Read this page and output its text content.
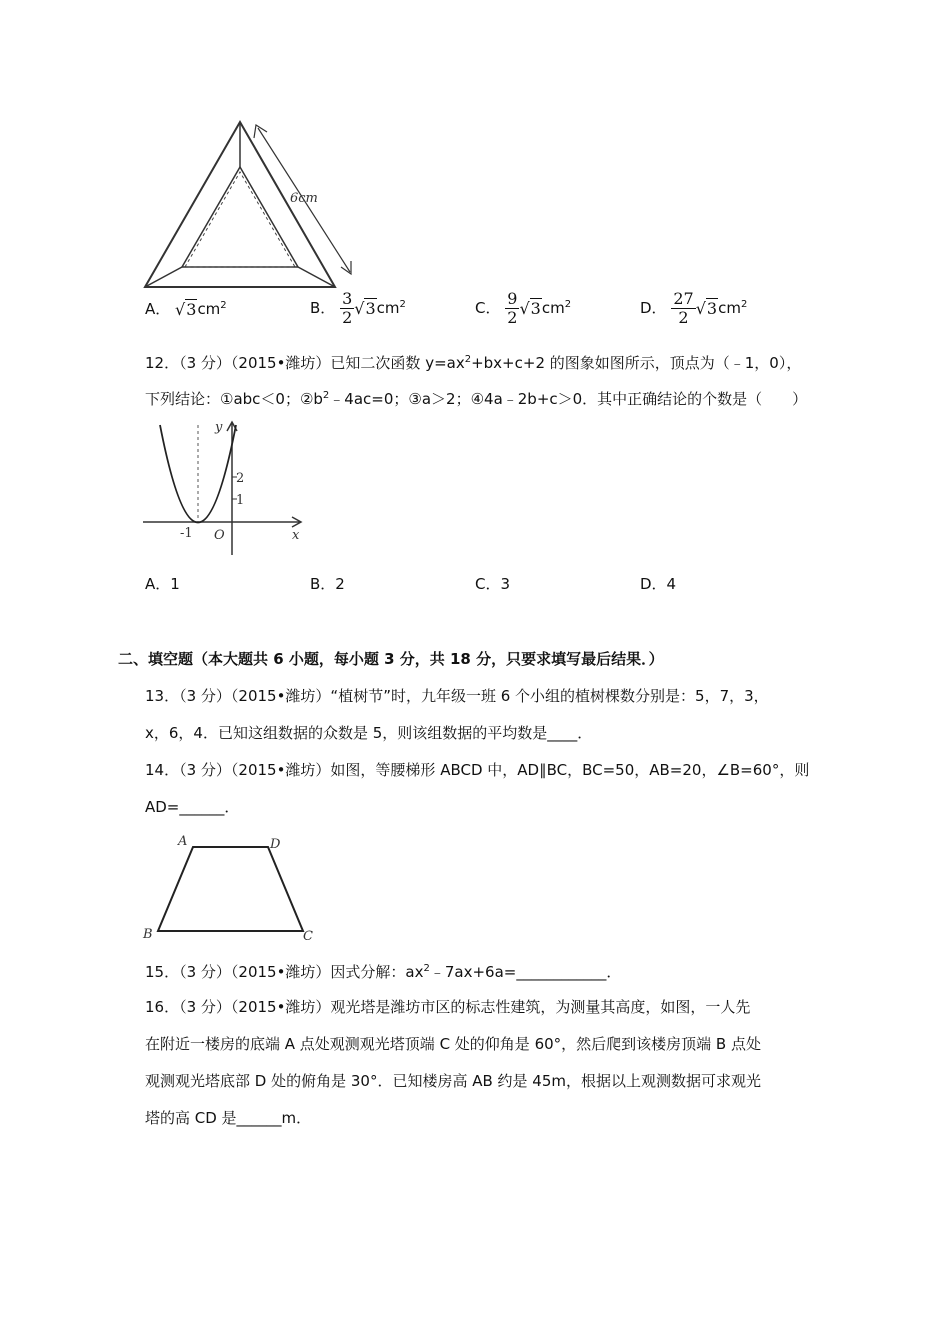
6cm
A． $√3cm^2$	B． $\frac{3}{2} √3cm^2$	C． $\frac{9}{2} √3cm^2$	D． $\frac{27}{2} √3cm^2$
12．（3 分）（2015•潍坊）已知二次函数 $y=ax^2+bx+c+2$ 的图象如图所示，顶点为（﹣1，0），
下列结论：①abc＜0；$②b^2﹣4ac=0$；③a＞2；④4a﹣2b+c＞0．其中正确结论的个数是（　　）
y
x
O
2
1
-1
A．1	B．2	C．3	D．4
二、填空题（本大题共 6 小题，每小题 3 分，共 18 分，只要求填写最后结果．）
13．（3 分）（2015•潍坊）“植树节”时，九年级一班 6 个小组的植树棵数分别是：5，7，3，
x，6，4．已知这组数据的众数是 5，则该组数据的平均数是____．
14．（3 分）（2015•潍坊）如图，等腰梯形 ABCD 中，AD∥BC，BC=50，AB=20，∠B=60°，则
AD=______．
A	D
B	C
15．（3 分）（2015•潍坊）因式分解：$ax^2﹣7ax+6a=\_\_\_\_\_\_\_\_\_\_\_\_$．
16．（3 分）（2015•潍坊）观光塔是潍坊市区的标志性建筑，为测量其高度，如图，一人先
在附近一楼房的底端 A 点处观测观光塔顶端 C 处的仰角是 60°，然后爬到该楼房顶端 B 点处
观测观光塔底部 D 处的俯角是 30°．已知楼房高 AB 约是 45m，根据以上观测数据可求观光
塔的高 CD 是______m．
